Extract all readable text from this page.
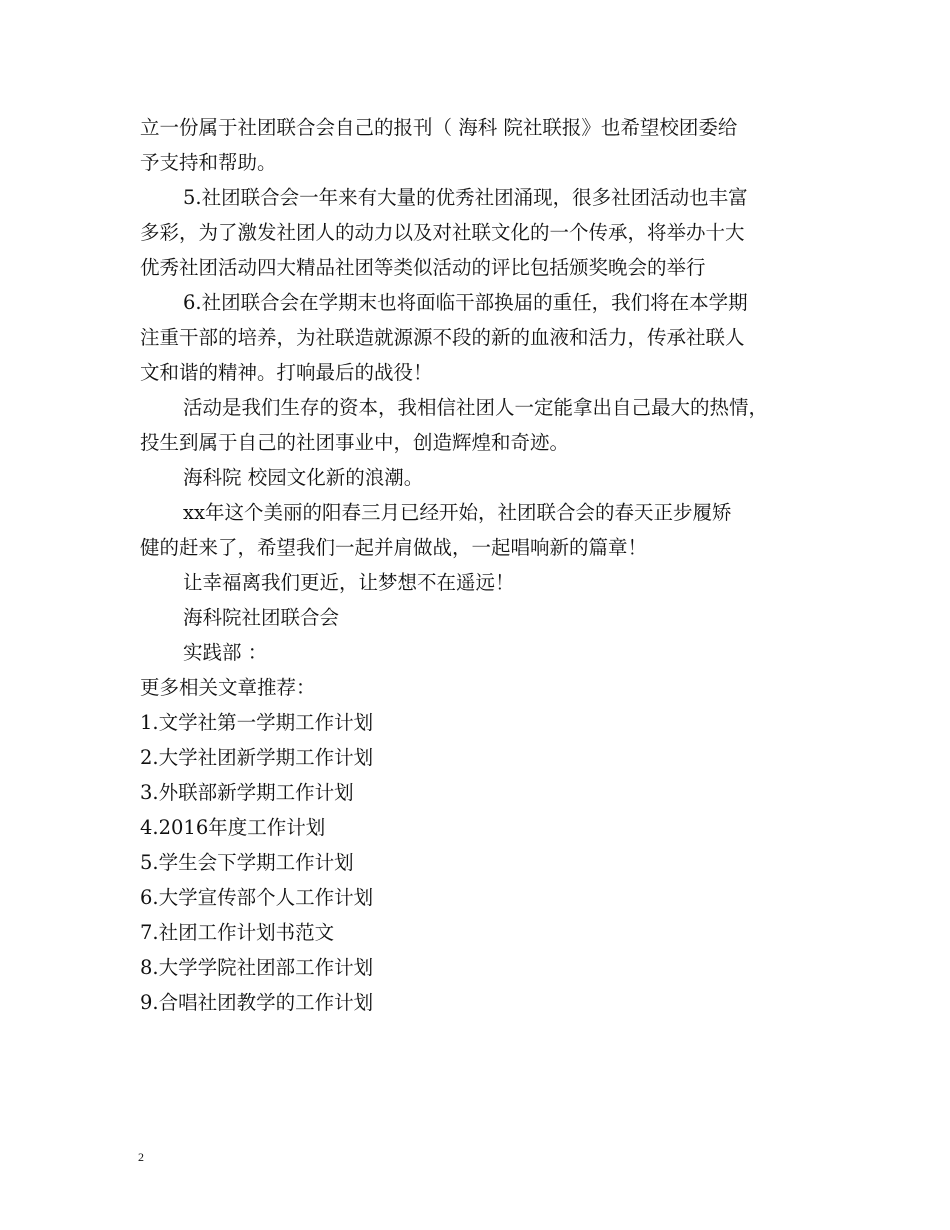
立一份属于社团联合会自己的报刊（ 海科 院社联报》也希望校团委给
予支持和帮助。
5.社团联合会一年来有大量的优秀社团涌现，很多社团活动也丰富
多彩，为了激发社团人的动力以及对社联文化的一个传承，将举办十大
优秀社团活动四大精品社团等类似活动的评比包括颁奖晚会的举行
6.社团联合会在学期末也将面临干部换届的重任，我们将在本学期
注重干部的培养，为社联造就源源不段的新的血液和活力，传承社联人
文和谐的精神。打响最后的战役！
活动是我们生存的资本，我相信社团人一定能拿出自己最大的热情，
投生到属于自己的社团事业中，创造辉煌和奇迹。
海科院 校园文化新的浪潮。
xx年这个美丽的阳春三月已经开始，社团联合会的春天正步履矫
健的赶来了，希望我们一起并肩做战，一起唱响新的篇章！
让幸福离我们更近，让梦想不在遥远！
海科院社团联合会
实践部 ：
更多相关文章推荐：
1.文学社第一学期工作计划
2.大学社团新学期工作计划
3.外联部新学期工作计划
4.2016年度工作计划
5.学生会下学期工作计划
6.大学宣传部个人工作计划
7.社团工作计划书范文
8.大学学院社团部工作计划
9.合唱社团教学的工作计划
2
